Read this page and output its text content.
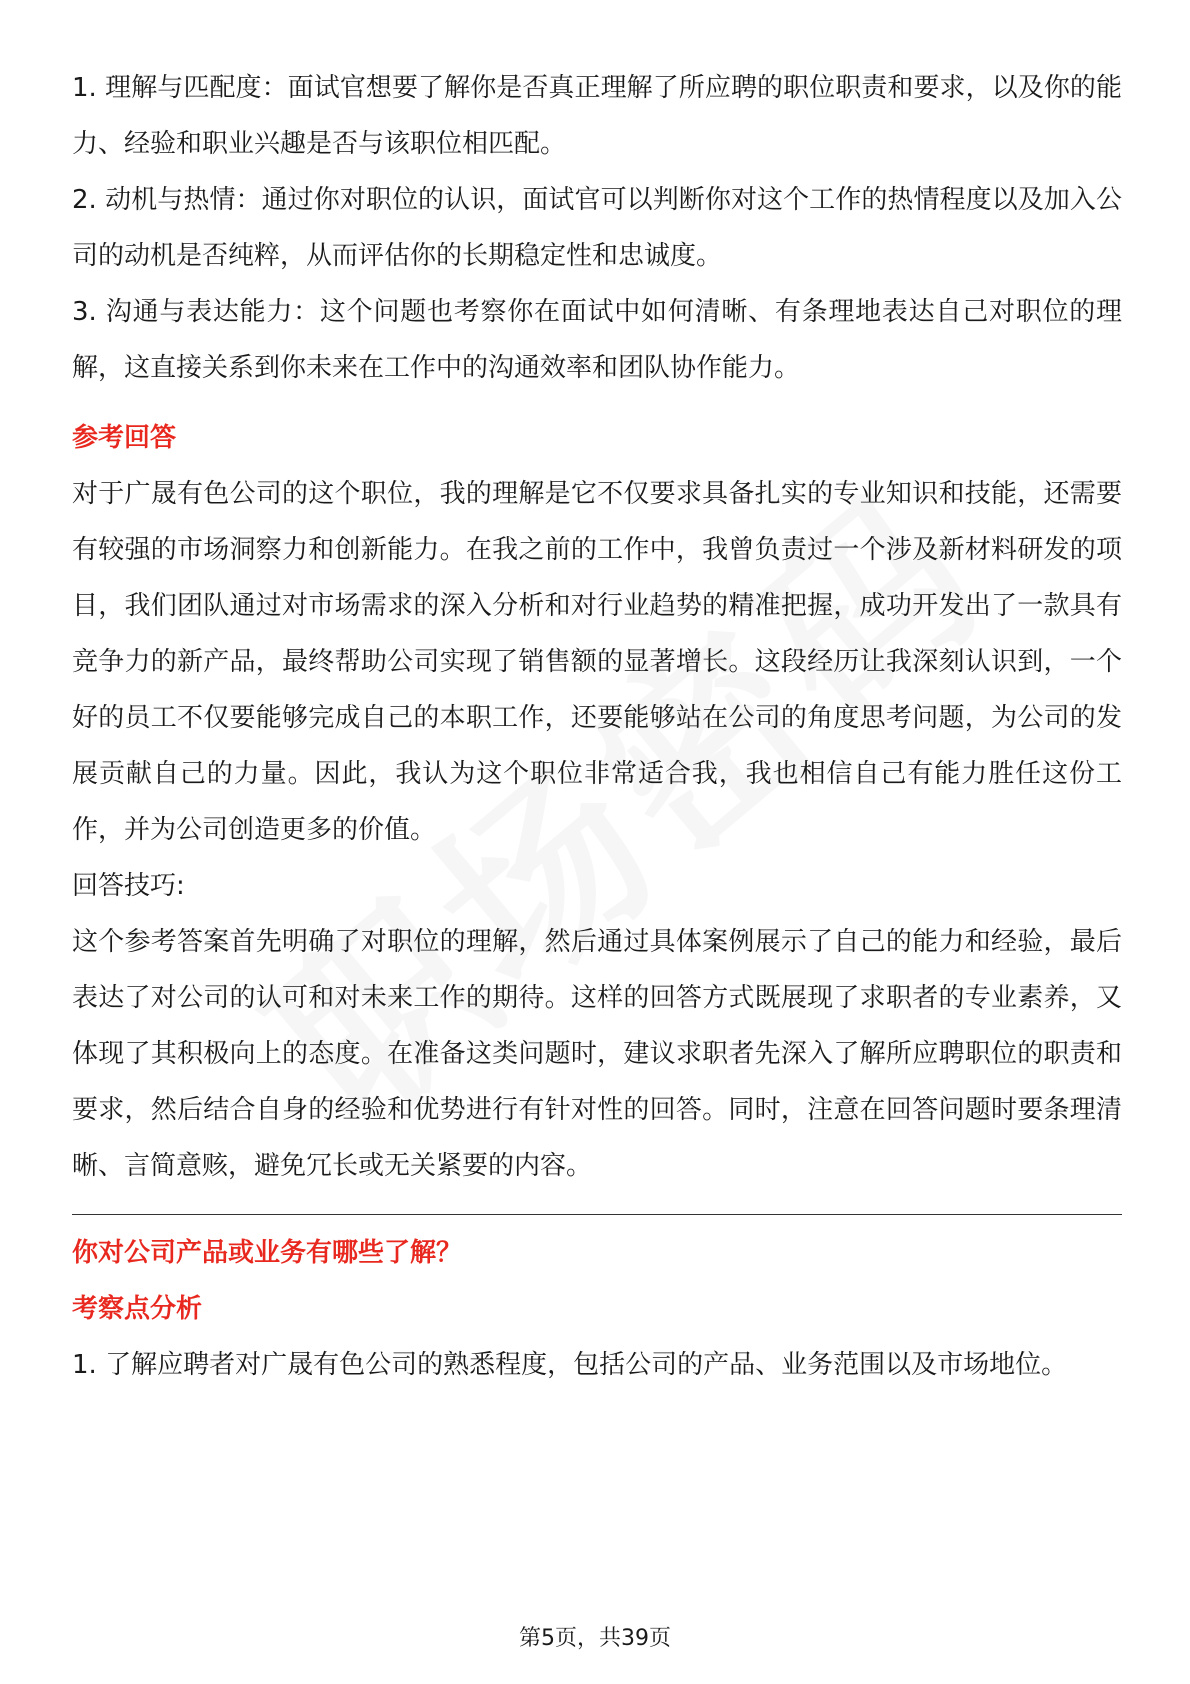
1. 理解与匹配度：面试官想要了解你是否真正理解了所应聘的职位职责和要求，以及你的能力、经验和职业兴趣是否与该职位相匹配。

2. 动机与热情：通过你对职位的认识，面试官可以判断你对这个工作的热情程度以及加入公司的动机是否纯粹，从而评估你的长期稳定性和忠诚度。

3. 沟通与表达能力：这个问题也考察你在面试中如何清晰、有条理地表达自己对职位的理解，这直接关系到你未来在工作中的沟通效率和团队协作能力。

参考回答

对于广晟有色公司的这个职位，我的理解是它不仅要求具备扎实的专业知识和技能，还需要有较强的市场洞察力和创新能力。在我之前的工作中，我曾负责过一个涉及新材料研发的项目，我们团队通过对市场需求的深入分析和对行业趋势的精准把握，成功开发出了一款具有竞争力的新产品，最终帮助公司实现了销售额的显著增长。这段经历让我深刻认识到，一个好的员工不仅要能够完成自己的本职工作，还要能够站在公司的角度思考问题，为公司的发展贡献自己的力量。因此，我认为这个职位非常适合我，我也相信自己有能力胜任这份工作，并为公司创造更多的价值。

回答技巧:

这个参考答案首先明确了对职位的理解，然后通过具体案例展示了自己的能力和经验，最后表达了对公司的认可和对未来工作的期待。这样的回答方式既展现了求职者的专业素养，又体现了其积极向上的态度。在准备这类问题时，建议求职者先深入了解所应聘职位的职责和要求，然后结合自身的经验和优势进行有针对性的回答。同时，注意在回答问题时要条理清晰、言简意赅，避免冗长或无关紧要的内容。

你对公司产品或业务有哪些了解？

考察点分析

1. 了解应聘者对广晟有色公司的熟悉程度，包括公司的产品、业务范围以及市场地位。

第5页，共39页
